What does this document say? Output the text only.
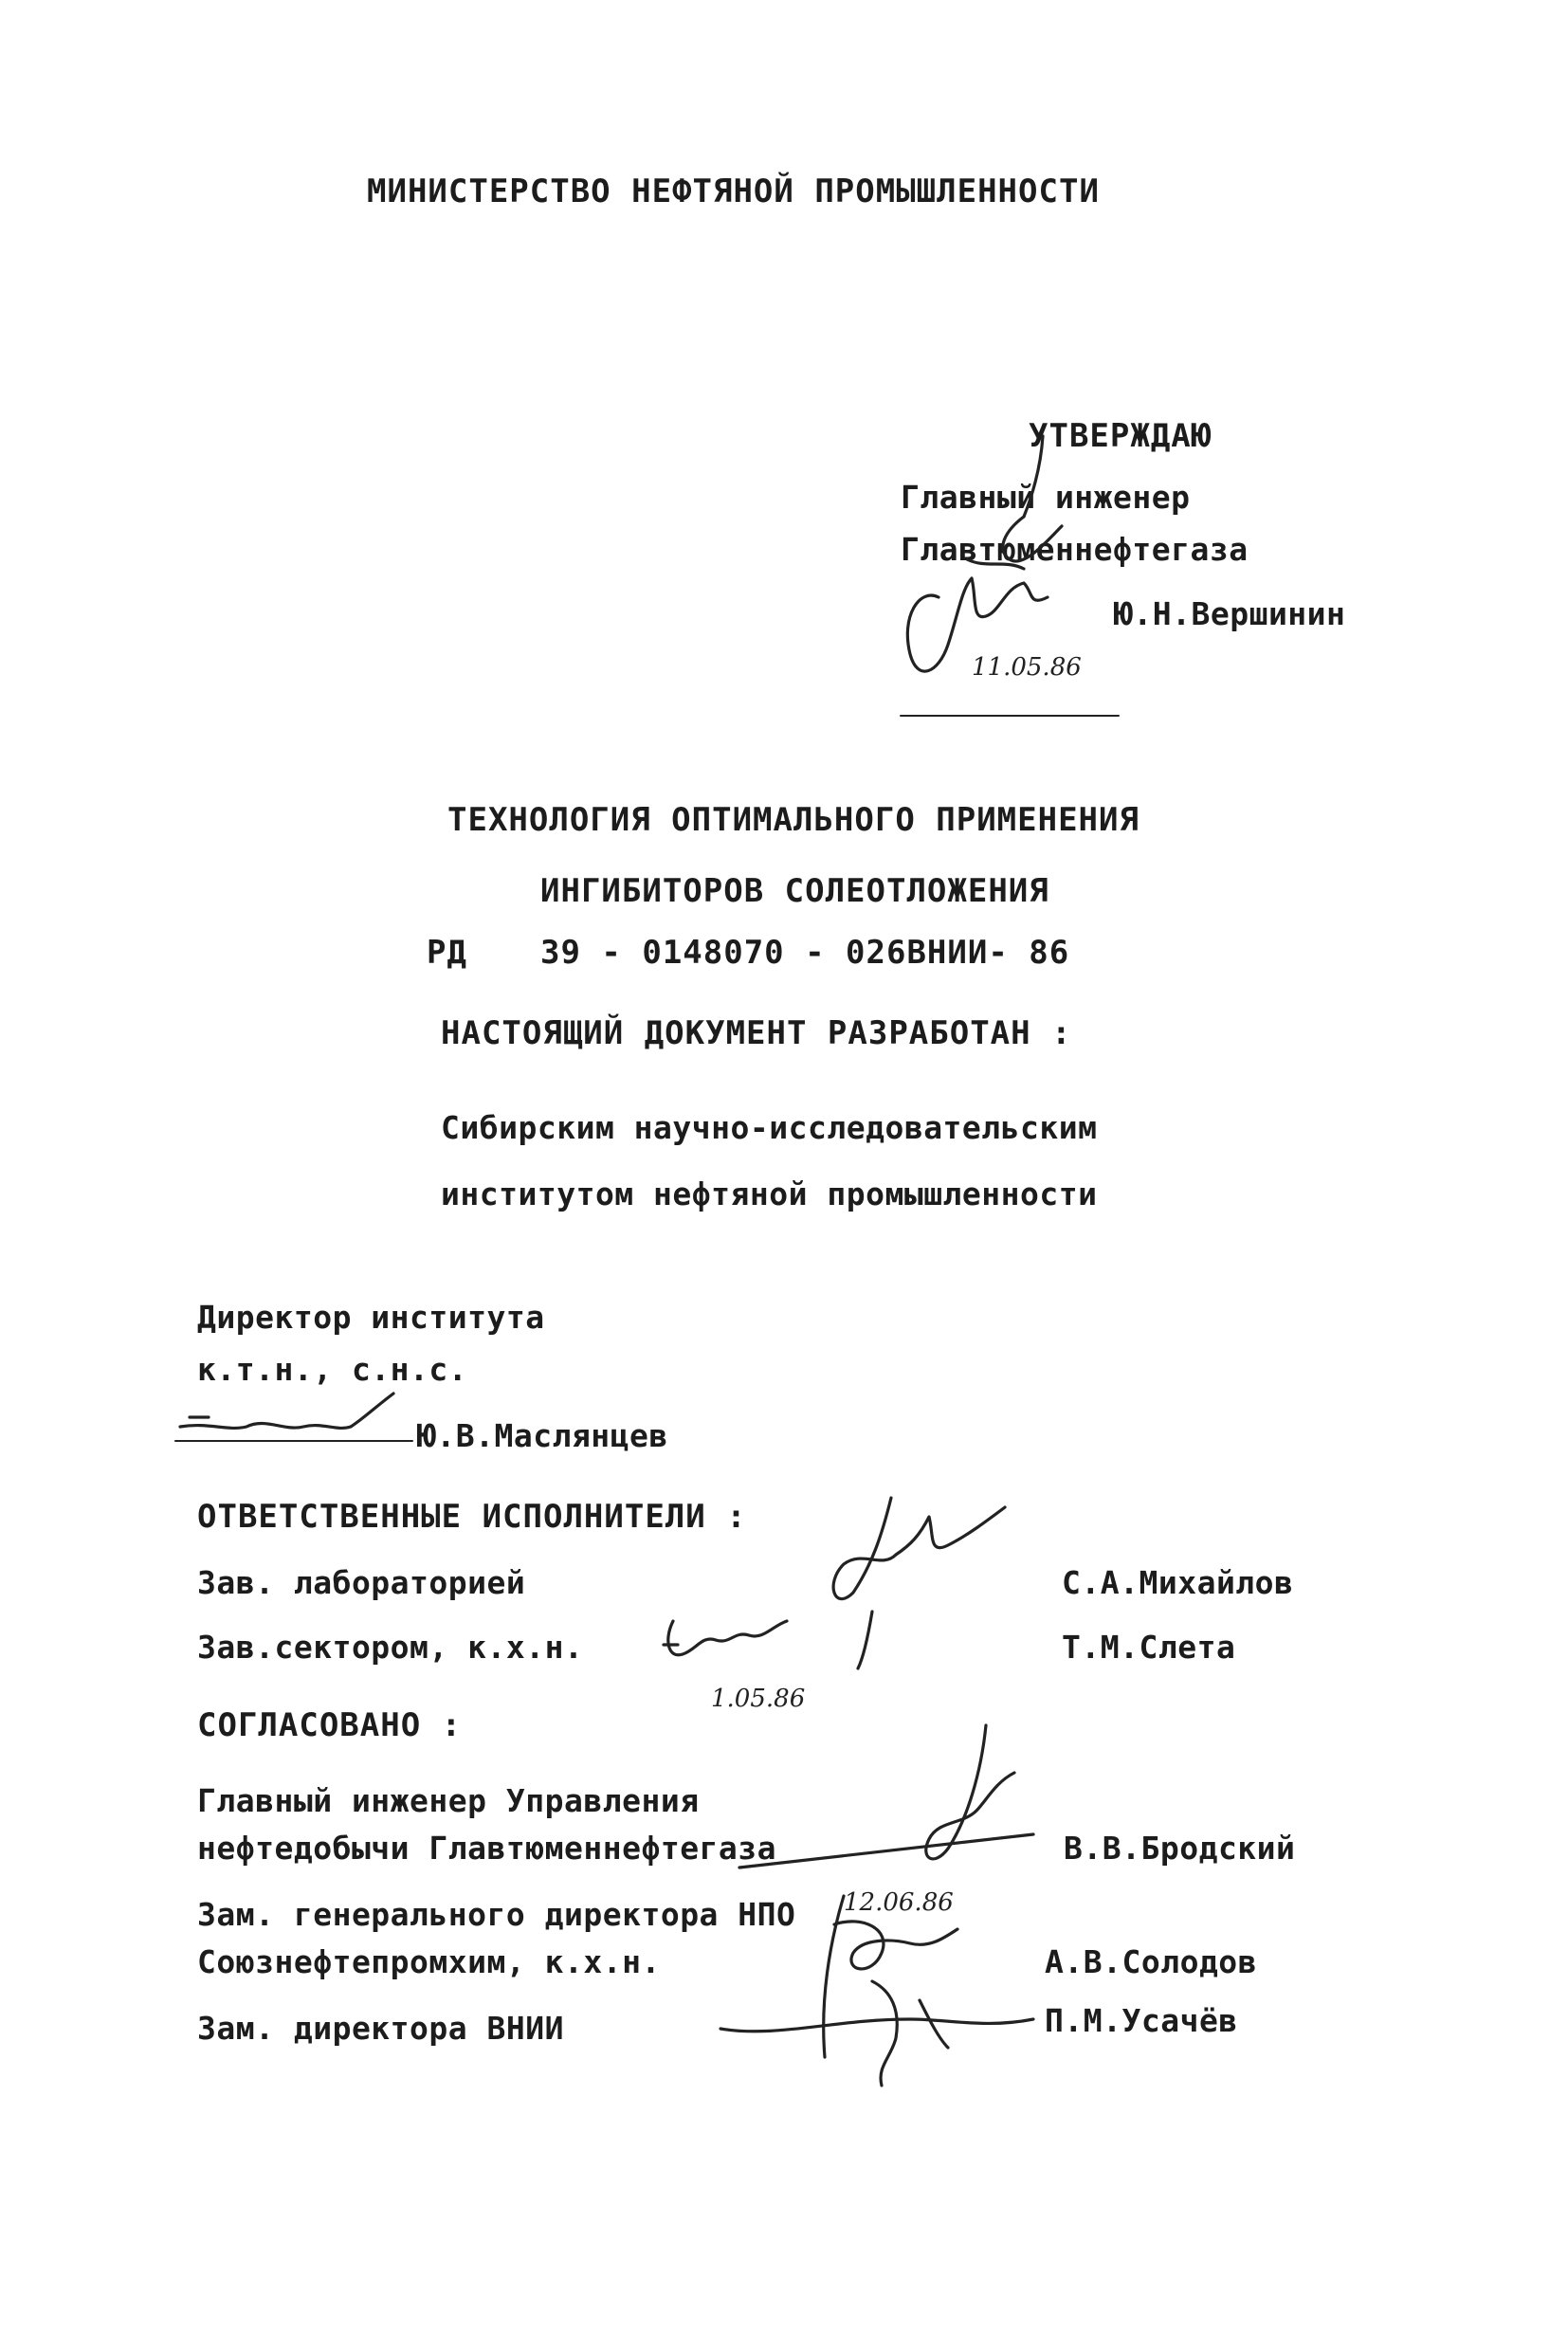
МИНИСТЕРСТВО НЕФТЯНОЙ ПРОМЫШЛЕННОСТИ
УТВЕРЖДАЮ
Главный инженер
Главтюменнефтегаза
Ю.Н.Вершинин
11.05.86
ТЕХНОЛОГИЯ ОПТИМАЛЬНОГО ПРИМЕНЕНИЯ
ИНГИБИТОРОВ СОЛЕОТЛОЖЕНИЯ
РД 39 - 0148070 - 026ВНИИ- 86
НАСТОЯЩИЙ ДОКУМЕНТ РАЗРАБОТАН :
Сибирским научно-исследовательским
институтом нефтяной промышленности
Директор института
к.т.н., с.н.с.
Ю.В.Маслянцев
ОТВЕТСТВЕННЫЕ ИСПОЛНИТЕЛИ :
Зав. лабораторией	С.А.Михайлов
Зав.сектором, к.х.н.	Т.М.Слета
1.05.86
СОГЛАСОВАНО :
Главный инженер Управления
нефтедобычи Главтюменнефтегаза	В.В.Бродский
Зам. генерального директора НПО
Союзнефтепромхим, к.х.н.	А.В.Солодов
Зам. директора ВНИИ	П.М.Усачёв
12.06.86
